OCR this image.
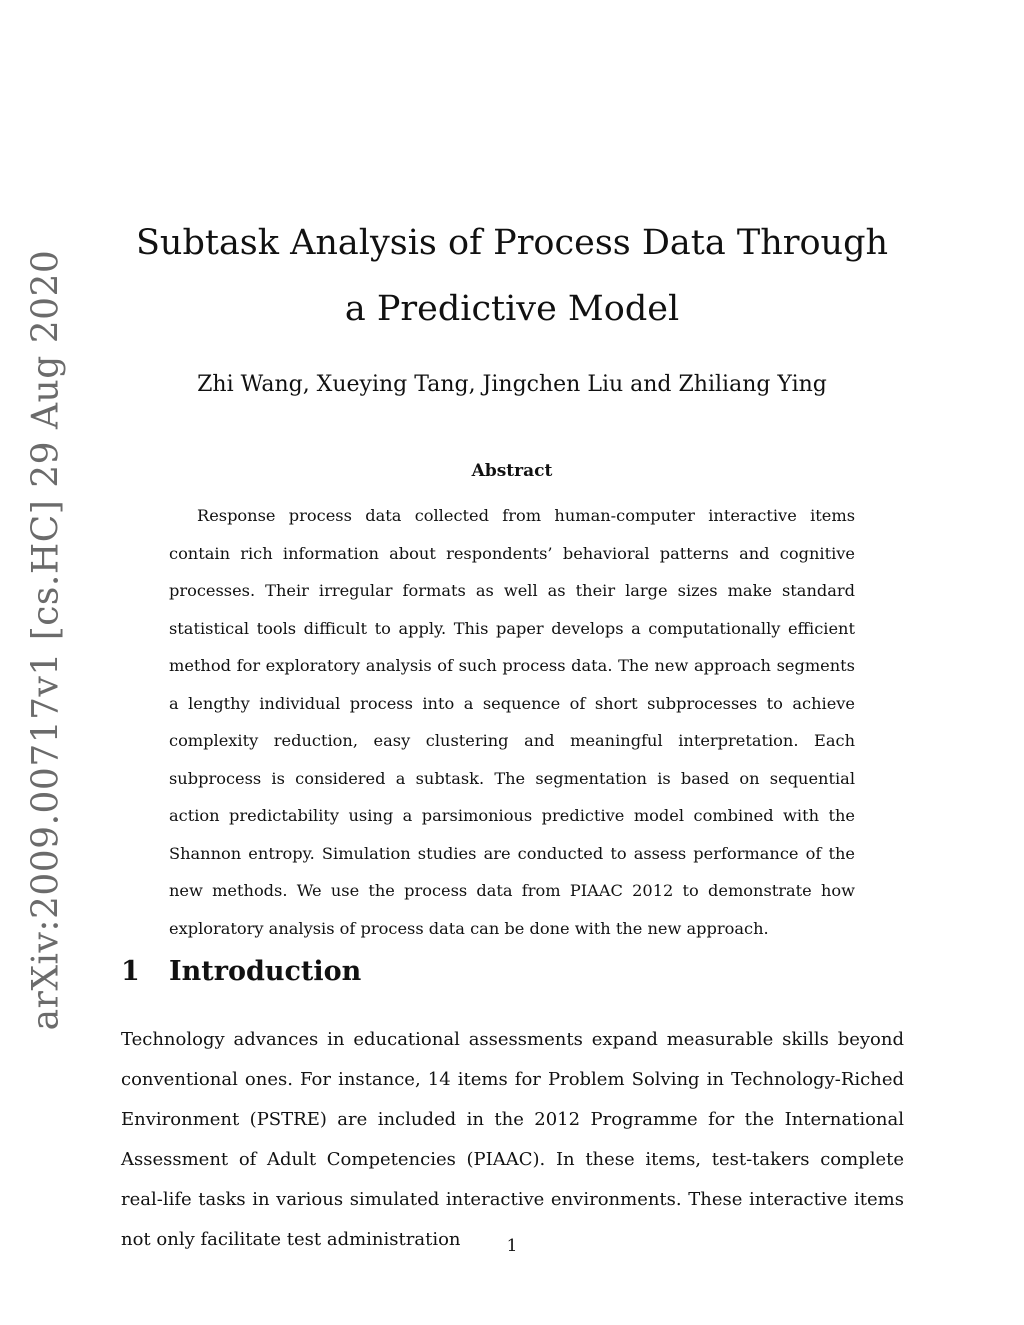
arXiv:2009.00717v1 [cs.HC] 29 Aug 2020
Subtask Analysis of Process Data Through a Predictive Model
Zhi Wang, Xueying Tang, Jingchen Liu and Zhiliang Ying
Abstract

Response process data collected from human-computer interactive items contain rich information about respondents’ behavioral patterns and cognitive processes. Their irregular formats as well as their large sizes make standard statistical tools difficult to apply. This paper develops a computationally efficient method for exploratory analysis of such process data. The new approach segments a lengthy individual process into a sequence of short subprocesses to achieve complexity reduction, easy clustering and meaningful interpretation. Each subprocess is considered a subtask. The segmentation is based on sequential action predictability using a parsimonious predictive model combined with the Shannon entropy. Simulation studies are conducted to assess performance of the new methods. We use the process data from PIAAC 2012 to demonstrate how exploratory analysis of process data can be done with the new approach.

1 Introduction

Technology advances in educational assessments expand measurable skills beyond conventional ones. For instance, 14 items for Problem Solving in Technology-Riched Environment (PSTRE) are included in the 2012 Programme for the International Assessment of Adult Competencies (PIAAC). In these items, test-takers complete real-life tasks in various simulated interactive environments. These interactive items not only facilitate test administration	1
